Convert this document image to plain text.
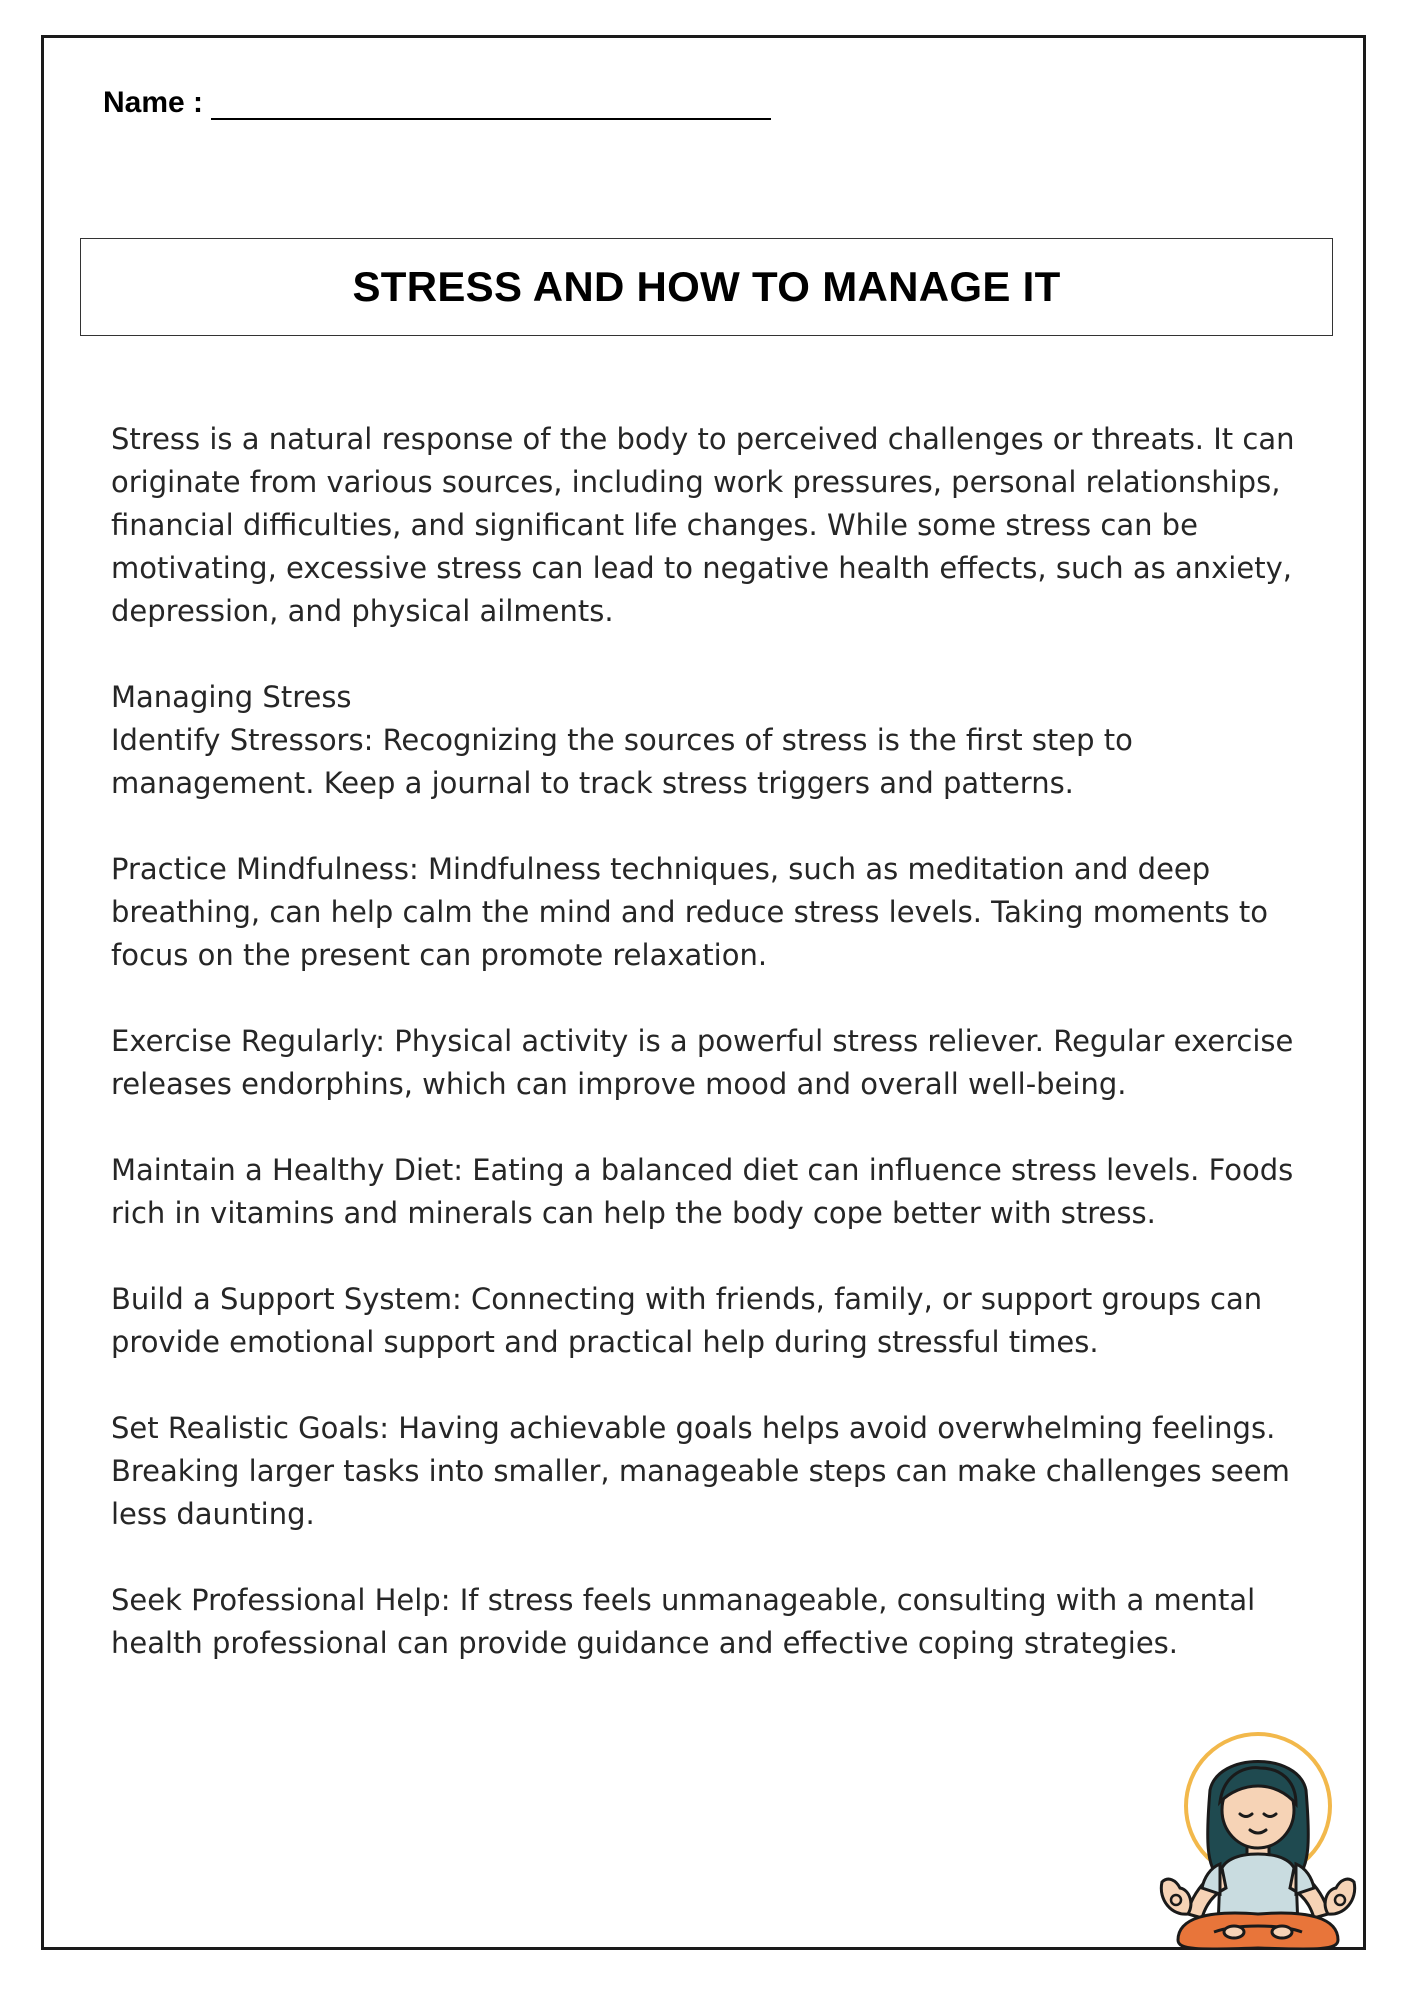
Name :
STRESS AND HOW TO MANAGE IT

Stress is a natural response of the body to perceived challenges or threats. It can originate from various sources, including work pressures, personal relationships, financial difficulties, and significant life changes. While some stress can be motivating, excessive stress can lead to negative health effects, such as anxiety, depression, and physical ailments.

Managing Stress

Identify Stressors: Recognizing the sources of stress is the first step to management. Keep a journal to track stress triggers and patterns.

Practice Mindfulness: Mindfulness techniques, such as meditation and deep breathing, can help calm the mind and reduce stress levels. Taking moments to focus on the present can promote relaxation.

Exercise Regularly: Physical activity is a powerful stress reliever. Regular exercise releases endorphins, which can improve mood and overall well-being.

Maintain a Healthy Diet: Eating a balanced diet can influence stress levels. Foods rich in vitamins and minerals can help the body cope better with stress.

Build a Support System: Connecting with friends, family, or support groups can provide emotional support and practical help during stressful times.

Set Realistic Goals: Having achievable goals helps avoid overwhelming feelings. Breaking larger tasks into smaller, manageable steps can make challenges seem less daunting.

Seek Professional Help: If stress feels unmanageable, consulting with a mental health professional can provide guidance and effective coping strategies.
